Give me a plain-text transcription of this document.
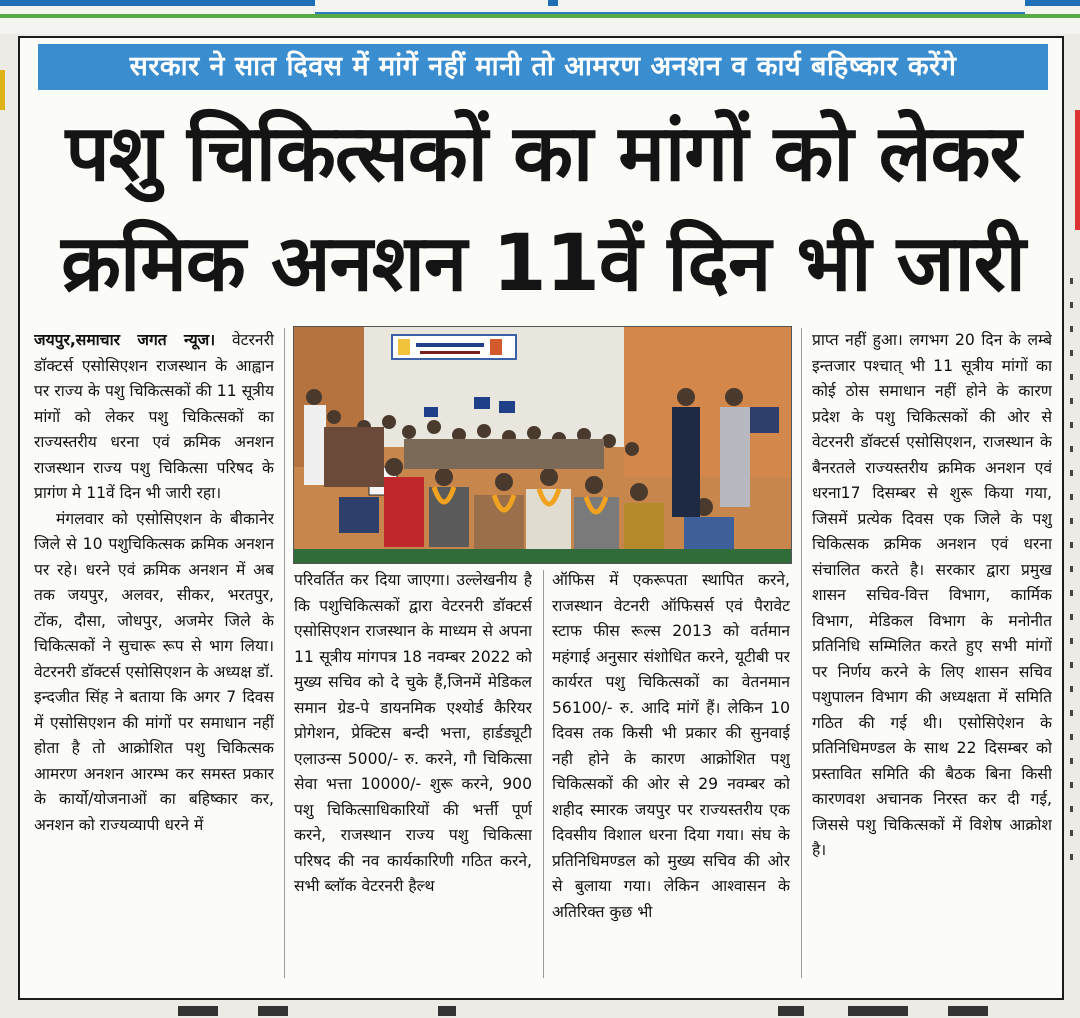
सरकार ने सात दिवस में मांगें नहीं मानी तो आमरण अनशन व कार्य बहिष्कार करेंगे
पशु चिकित्सकों का मांगों को लेकर
क्रमिक अनशन 11वें दिन भी जारी

जयपुर,समाचार जगत न्यूज। वेटरनरी डॉक्टर्स एसोसिएशन राजस्थान के आह्वान पर राज्य के पशु चिकित्सकों की 11 सूत्रीय मांगों को लेकर पशु चिकित्सकों का राज्यस्तरीय धरना एवं क्रमिक अनशन राजस्थान राज्य पशु चिकित्सा परिषद के प्रागंण मे 11वें दिन भी जारी रहा।

मंगलवार को एसोसिएशन के बीकानेर जिले से 10 पशुचिकित्सक क्रमिक अनशन पर रहे। धरने एवं क्रमिक अनशन में अब तक जयपुर, अलवर, सीकर, भरतपुर, टोंक, दौसा, जोधपुर, अजमेर जिले के चिकित्सकों ने सुचारू रूप से भाग लिया। वेटरनरी डॉक्टर्स एसोसिएशन के अध्यक्ष डॉ. इन्दजीत सिंह ने बताया कि अगर 7 दिवस में एसोसिएशन की मांगों पर समाधान नहीं होता है तो आक्रोशित पशु चिकित्सक आमरण अनशन आरम्भ कर समस्त प्रकार के कार्यो/योजनाओं का बहिष्कार कर, अनशन को राज्यव्यापी धरने में

परिवर्तित कर दिया जाएगा। उल्लेखनीय है कि पशुचिकित्सकों द्वारा वेटरनरी डॉक्टर्स एसोसिएशन राजस्थान के माध्यम से अपना 11 सूत्रीय मांगपत्र 18 नवम्बर 2022 को मुख्य सचिव को दे चुके हैं,जिनमें मेडिकल समान ग्रेड-पे डायनमिक एश्योर्ड कैरियर प्रोगेशन, प्रेक्टिस बन्दी भत्ता, हार्डड्यूटी एलाउन्स 5000/- रु. करने, गौ चिकित्सा सेवा भत्ता 10000/- शुरू करने, 900 पशु चिकित्साधिकारियों की भर्त्ती पूर्ण करने, राजस्थान राज्य पशु चिकित्सा परिषद की नव कार्यकारिणी गठित करने, सभी ब्लॉक वेटरनरी हैल्थ

ऑफिस में एकरूपता स्थापित करने, राजस्थान वेटनरी ऑफिसर्स एवं पैरावेट स्टाफ फीस रूल्स 2013 को वर्तमान महंगाई अनुसार संशोधित करने, यूटीबी पर कार्यरत पशु चिकित्सकों का वेतनमान 56100/- रु. आदि मांगें हैं। लेकिन 10 दिवस तक किसी भी प्रकार की सुनवाई नही होने के कारण आक्रोशित पशु चिकित्सकों की ओर से 29 नवम्बर को शहीद स्मारक जयपुर पर राज्यस्तरीय एक दिवसीय विशाल धरना दिया गया। संघ के प्रतिनिधिमण्डल को मुख्य सचिव की ओर से बुलाया गया। लेकिन आश्वासन के अतिरिक्त कुछ भी

प्राप्त नहीं हुआ। लगभग 20 दिन के लम्बे इन्तजार पश्चात् भी 11 सूत्रीय मांगों का कोई ठोस समाधान नहीं होने के कारण प्रदेश के पशु चिकित्सकों की ओर से वेटरनरी डॉक्टर्स एसोसिएशन, राजस्थान के बैनरतले राज्यस्तरीय क्रमिक अनशन एवं धरना17 दिसम्बर से शुरू किया गया, जिसमें प्रत्येक दिवस एक जिले के पशु चिकित्सक क्रमिक अनशन एवं धरना संचालित करते है। सरकार द्वारा प्रमुख शासन सचिव-वित्त विभाग, कार्मिक विभाग, मेडिकल विभाग के मनोनीत प्रतिनिधि सम्मिलित करते हुए सभी मांगों पर निर्णय करने के लिए शासन सचिव पशुपालन विभाग की अध्यक्षता में समिति गठित की गई थी। एसोसिऐशन के प्रतिनिधिमण्डल के साथ 22 दिसम्बर को प्रस्तावित समिति की बैठक बिना किसी कारणवश अचानक निरस्त कर दी गई, जिससे पशु चिकित्सकों में विशेष आक्रोश है।
